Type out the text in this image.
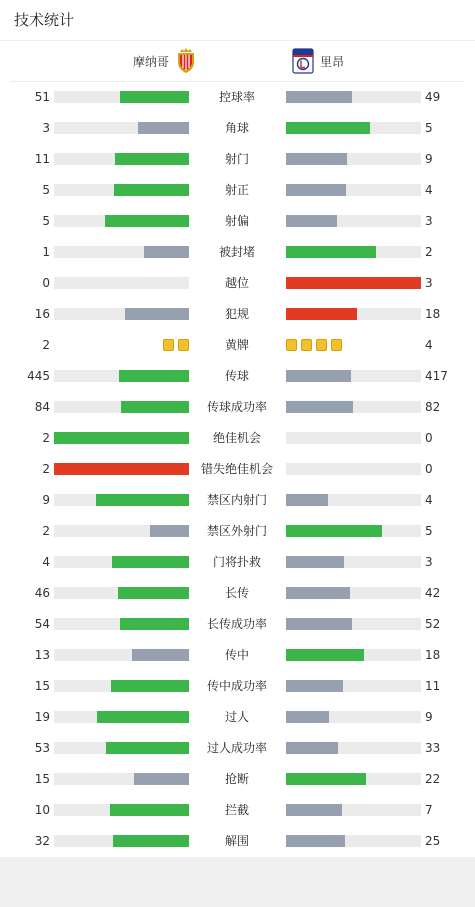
技术统计
摩纳哥	里昂
51	控球率	49
3	角球	5
11	射门	9
5	射正	4
5	射偏	3
1	被封堵	2
0	越位	3
16	犯规	18
2	黄牌	4
445	传球	417
84	传球成功率	82
2	绝佳机会	0
2	错失绝佳机会	0
9	禁区内射门	4
2	禁区外射门	5
4	门将扑救	3
46	长传	42
54	长传成功率	52
13	传中	18
15	传中成功率	11
19	过人	9
53	过人成功率	33
15	抢断	22
10	拦截	7
32	解围	25
